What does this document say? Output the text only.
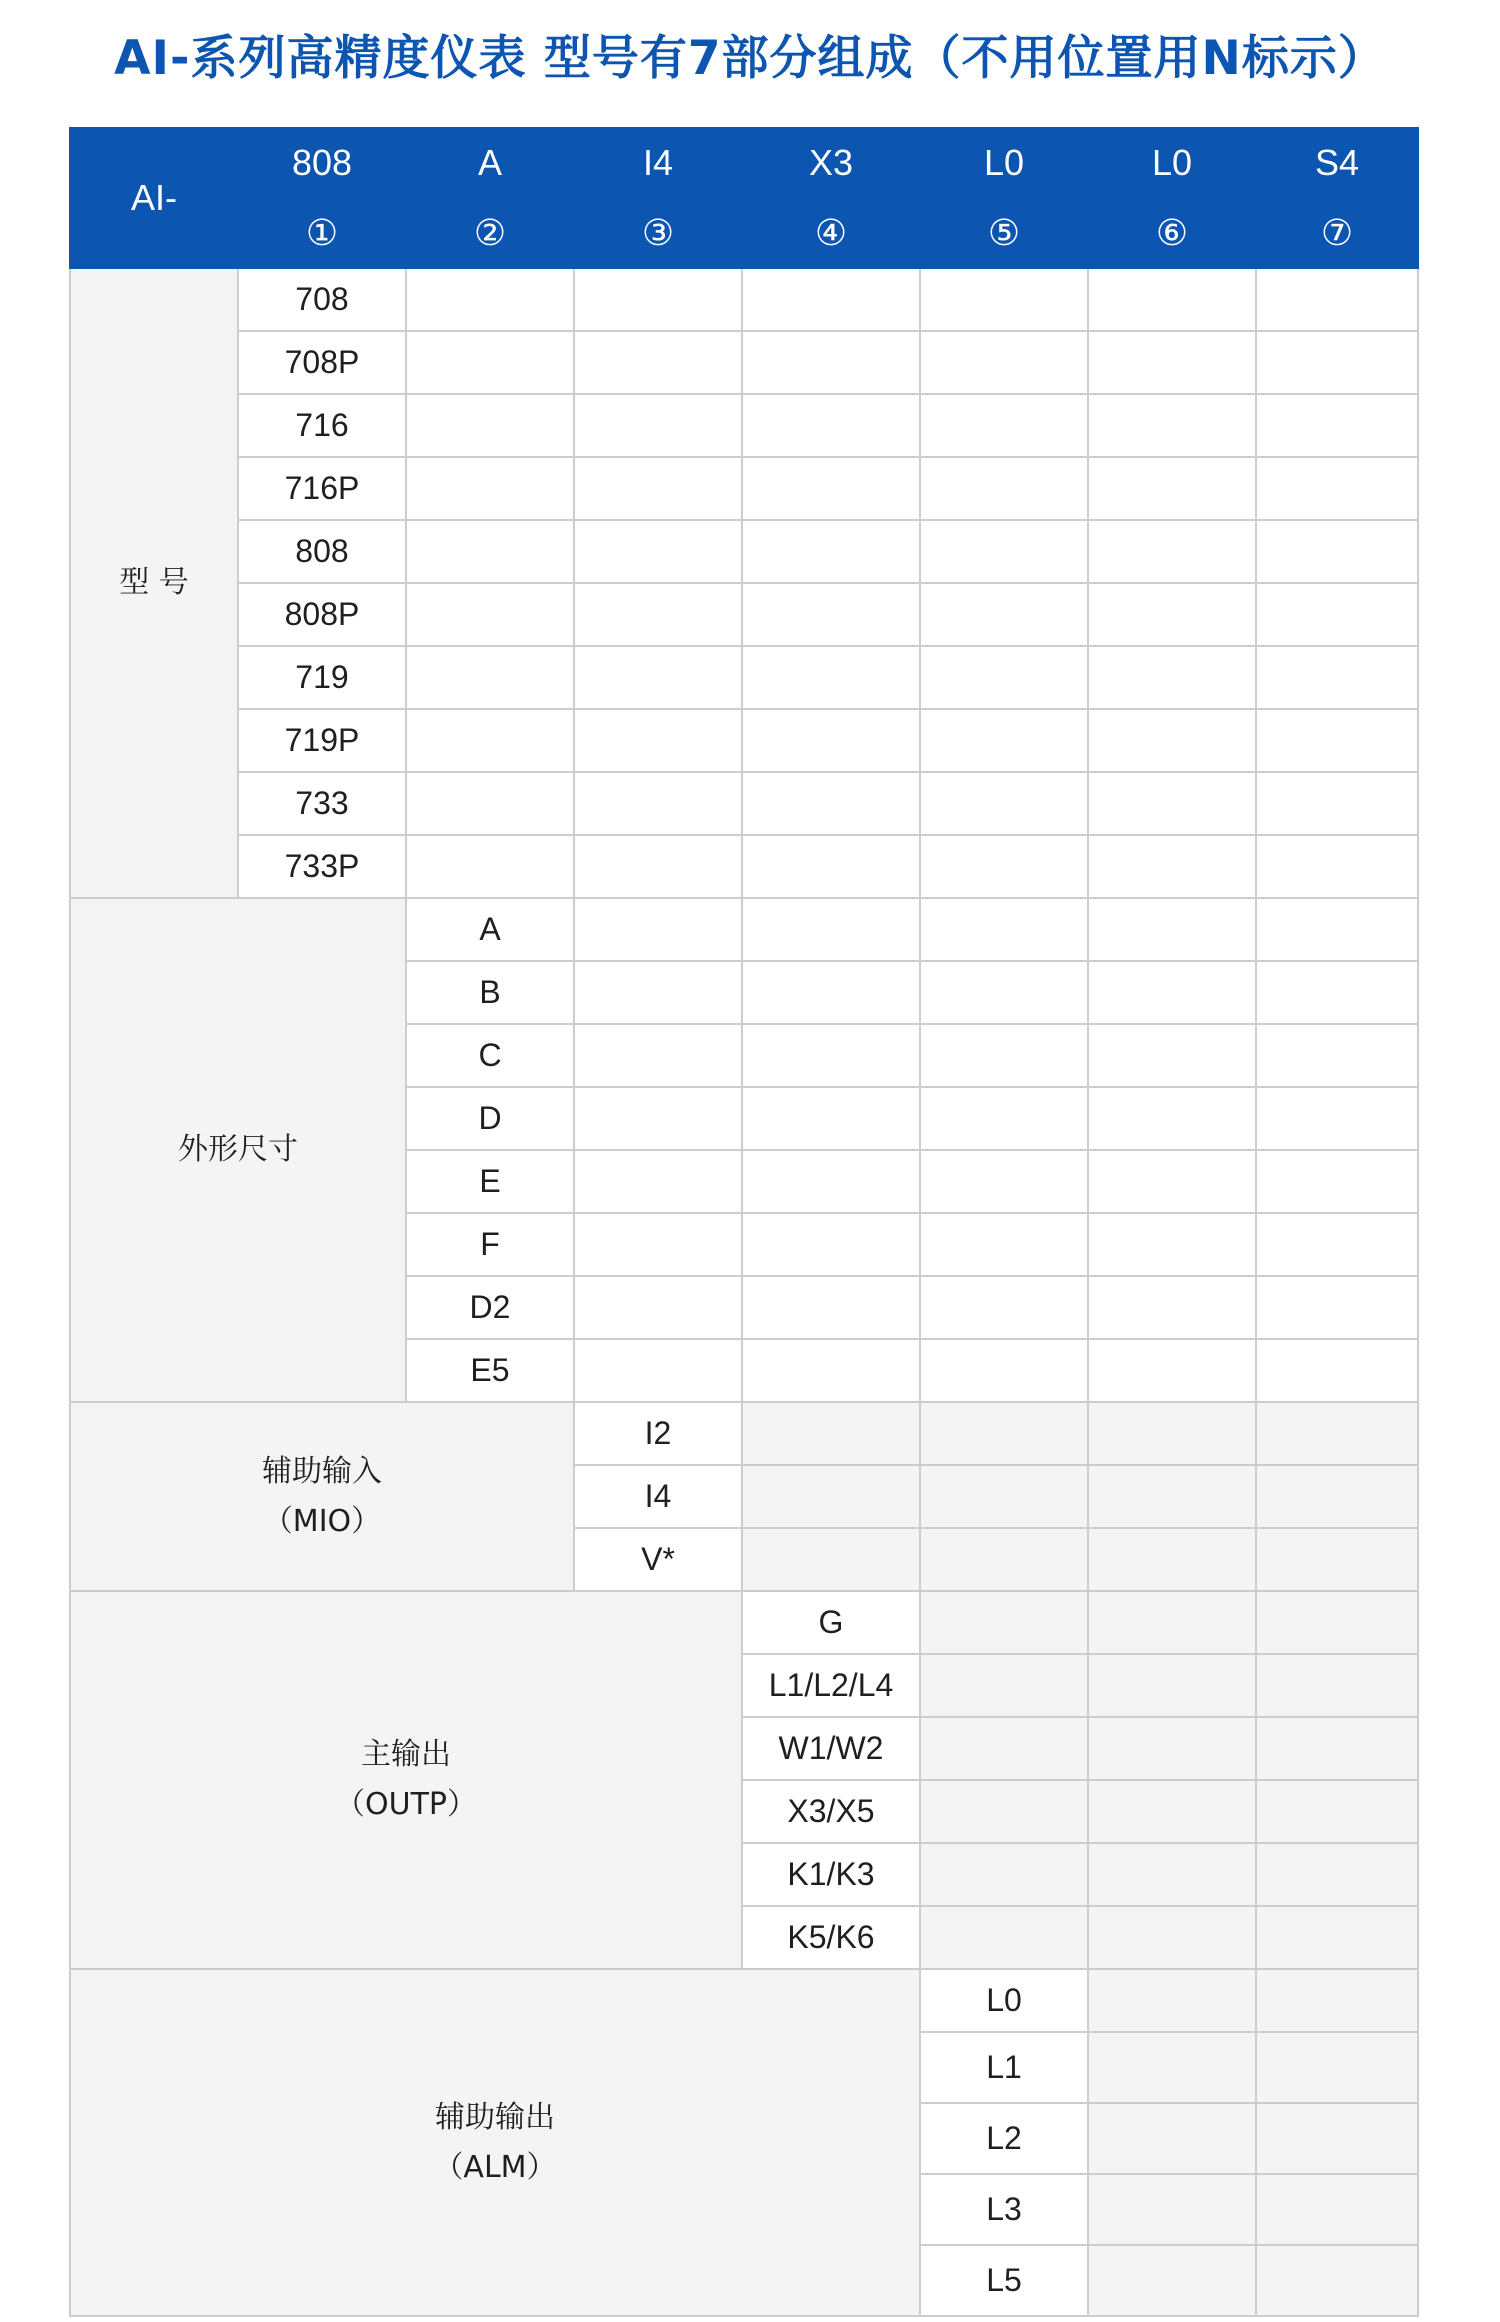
AI-系列高精度仪表 型号有7部分组成（不用位置用N标示）
AI-	808	A	I4	X3	L0	L0	S4
	①	②	③	④	⑤	⑥	⑦
型 号	708						
	708P						
	716						
	716P						
	808						
	808P						
	719						
	719P						
	733						
	733P						
外形尺寸		A					
		B					
		C					
		D					
		E					
		F					
		D2					
		E5					

辅助输入
（MIO）			I2				
			I4				
			V*				

主输出
（OUTP）				G			
				L1/L2/L4			
				W1/W2			
				X3/X5			
				K1/K3			
				K5/K6			

辅助输出
（ALM）					L0		
					L1		
					L2		
					L3		
					L5		
